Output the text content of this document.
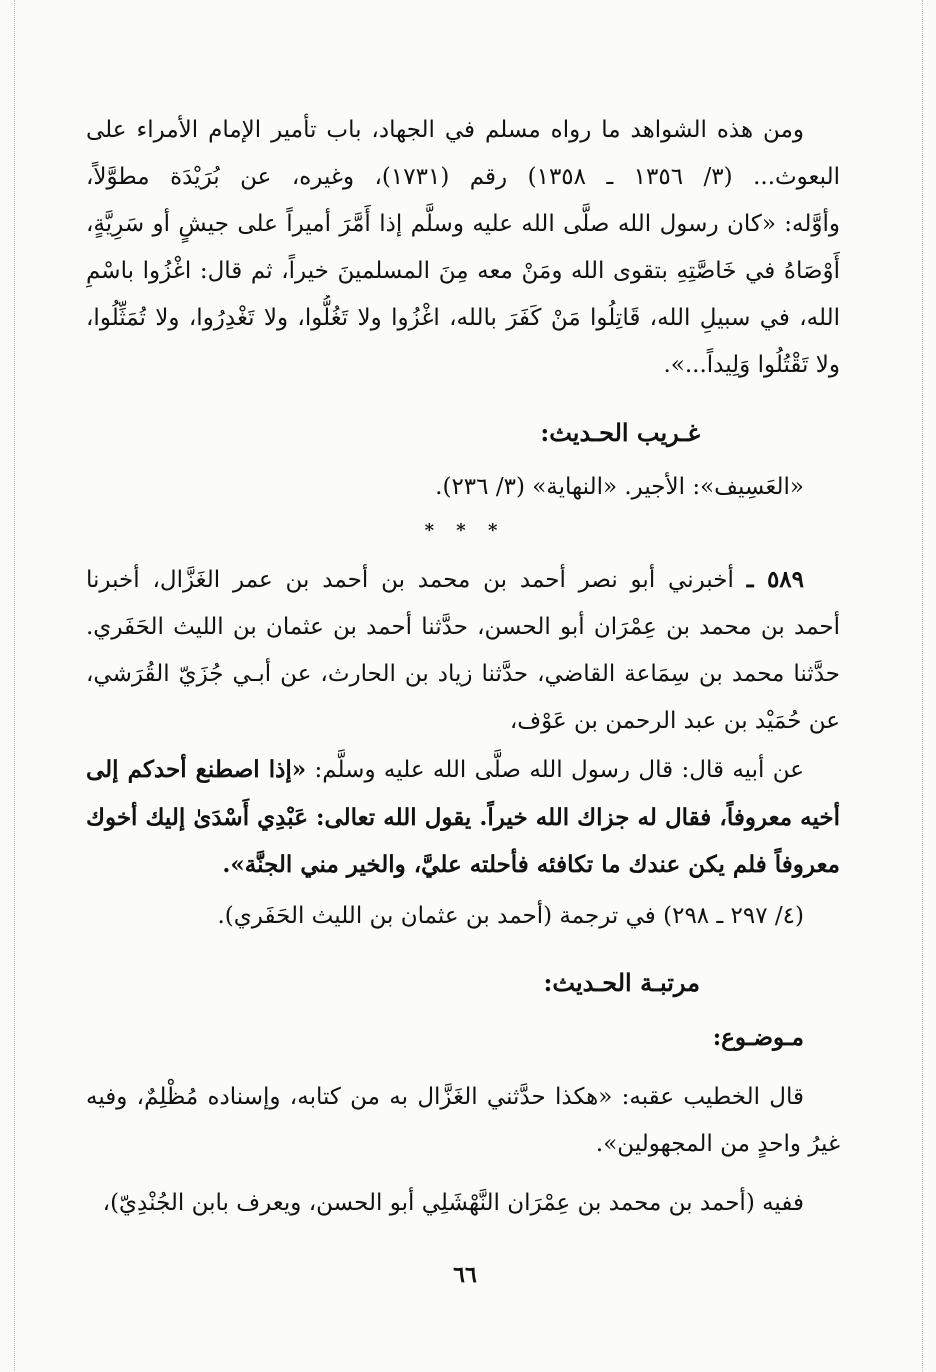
ومن هذه الشواهد ما رواه مسلم في الجهاد، باب تأمير الإمام الأمراء على
البعوث... (٣/ ١٣٥٦ ـ ١٣٥٨) رقم (١٧٣١)، وغيره، عن بُرَيْدَة مطوَّلاً،
وأوَّله: «كان رسول الله صلَّى الله عليه وسلَّم إذا أَمَّرَ أميراً على جيشٍ أو سَرِيَّةٍ،
أَوْصَاهُ في خَاصَّتِهِ بتقوى الله ومَنْ معه مِنَ المسلمينَ خيراً، ثم قال: اغْزُوا باسْمِ
الله، في سبيلِ الله، قَاتِلُوا مَنْ كَفَرَ بالله، اغْزُوا ولا تَغُلُّوا، ولا تَغْدِرُوا، ولا تُمَثِّلُوا،
ولا تَقْتُلُوا وَلِيداً...».
غـريب الحـديث:
«العَسِيف»: الأجير. «النهاية» (٣/ ٢٣٦).
* * *
٥٨٩ ـ أخبرني أبو نصر أحمد بن محمد بن أحمد بن عمر الغَزَّال، أخبرنا
أحمد بن محمد بن عِمْرَان أبو الحسن، حدَّثنا أحمد بن عثمان بن الليث الحَفَري.
حدَّثنا محمد بن سِمَاعة القاضي، حدَّثنا زياد بن الحارث، عن أبـي جُزَيّ القُرَشي،
عن حُمَيْد بن عبد الرحمن بن عَوْف،
عن أبيه قال: قال رسول الله صلَّى الله عليه وسلَّم: «إذا اصطنع أحدكم إلى
أخيه معروفاً، فقال له جزاك الله خيراً. يقول الله تعالى: عَبْدِي أَسْدَىٰ إليك أخوك
معروفاً فلم يكن عندك ما تكافئه فأحلته عليَّ، والخير مني الجنَّة».
(٤/ ٢٩٧ ـ ٢٩٨) في ترجمة (أحمد بن عثمان بن الليث الحَفَري).
مرتبـة الحـديث:
مـوضـوع:
قال الخطيب عقبه: «هكذا حدَّثني الغَزَّال به من كتابه، وإسناده مُظْلِمٌ، وفيه
غيرُ واحدٍ من المجهولين».
ففيه (أحمد بن محمد بن عِمْرَان النَّهْشَلِي أبو الحسن، ويعرف بابن الجُنْدِيّ)،
٦٦
